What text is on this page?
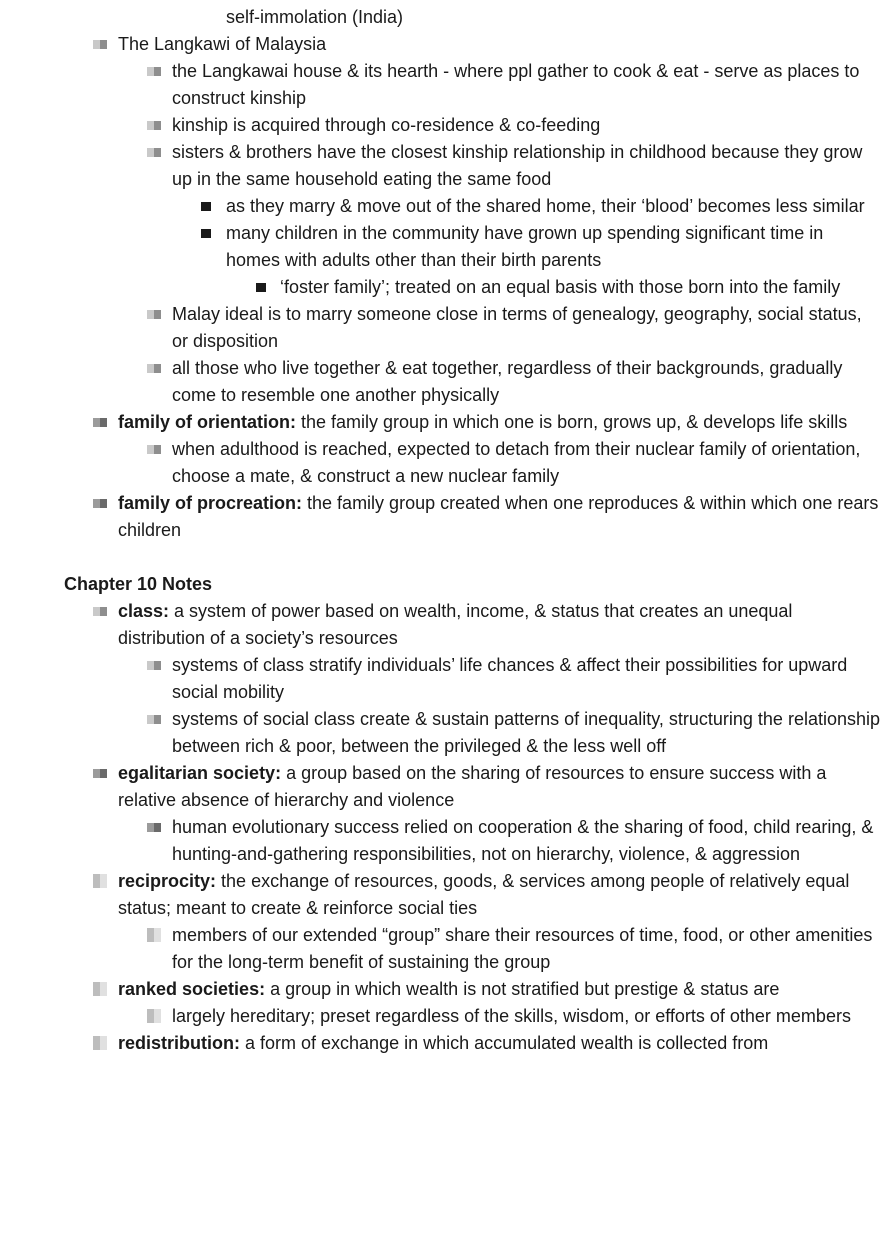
self-immolation (India)
The Langkawi of Malaysia
the Langkawai house & its hearth - where ppl gather to cook & eat - serve as places to construct kinship
kinship is acquired through co-residence & co-feeding
sisters & brothers have the closest kinship relationship in childhood because they grow up in the same household eating the same food
as they marry & move out of the shared home, their ‘blood’ becomes less similar
many children in the community have grown up spending significant time in homes with adults other than their birth parents
‘foster family’; treated on an equal basis with those born into the family
Malay ideal is to marry someone close in terms of genealogy, geography, social status, or disposition
all those who live together & eat together, regardless of their backgrounds, gradually come to resemble one another physically
family of orientation: the family group in which one is born, grows up, & develops life skills
when adulthood is reached, expected to detach from their nuclear family of orientation, choose a mate, & construct a new nuclear family
family of procreation: the family group created when one reproduces & within which one rears children
Chapter 10 Notes
class: a system of power based on wealth, income, & status that creates an unequal distribution of a society’s resources
systems of class stratify individuals’ life chances & affect their possibilities for upward social mobility
systems of social class create & sustain patterns of inequality, structuring the relationship between rich & poor, between the privileged & the less well off
egalitarian society: a group based on the sharing of resources to ensure success with a relative absence of hierarchy and violence
human evolutionary success relied on cooperation & the sharing of food, child rearing, & hunting-and-gathering responsibilities, not on hierarchy, violence, & aggression
reciprocity: the exchange of resources, goods, & services among people of relatively equal status; meant to create & reinforce social ties
members of our extended “group” share their resources of time, food, or other amenities for the long-term benefit of sustaining the group
ranked societies: a group in which wealth is not stratified but prestige & status are
largely hereditary; preset regardless of the skills, wisdom, or efforts of other members
redistribution: a form of exchange in which accumulated wealth is collected from
